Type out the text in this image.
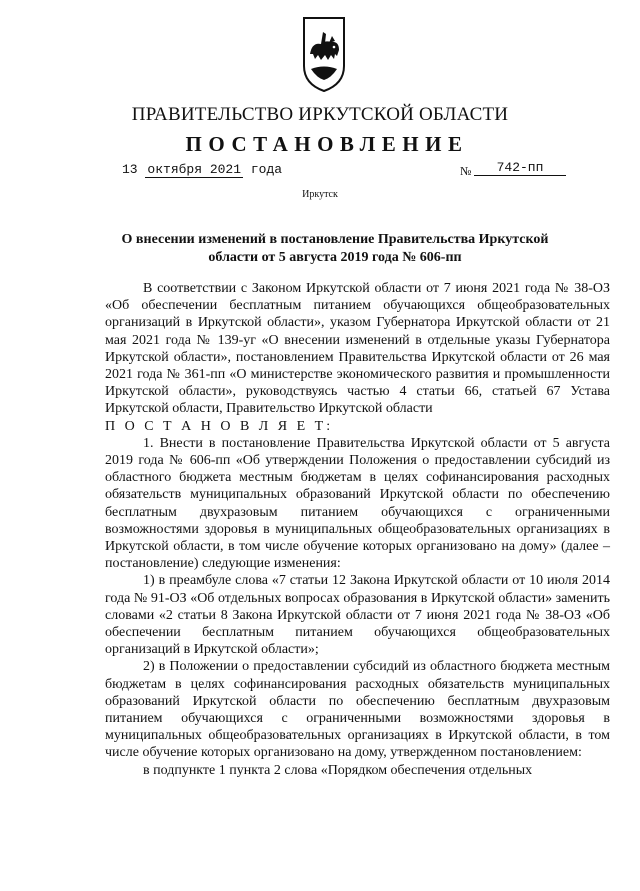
ПРАВИТЕЛЬСТВО ИРКУТСКОЙ ОБЛАСТИ
ПОСТАНОВЛЕНИЕ
13 октября 2021 года	№	742-пп
Иркутск
О внесении изменений в постановление Правительства Иркутской
области от 5 августа 2019 года № 606-пп

В соответствии с Законом Иркутской области от 7 июня 2021 года № 38-ОЗ «Об обеспечении бесплатным питанием обучающихся общеобразовательных организаций в Иркутской области», указом Губернатора Иркутской области от 21 мая 2021 года № 139-уг «О внесении изменений в отдельные указы Губернатора Иркутской области», постановлением Правительства Иркутской области от 26 мая 2021 года № 361-пп «О министерстве экономического развития и промышленности Иркутской области», руководствуясь частью 4 статьи 66, статьей 67 Устава Иркутской области, Правительство Иркутской области

П О С Т А Н О В Л Я Е Т:

1. Внести в постановление Правительства Иркутской области от 5 августа 2019 года № 606-пп «Об утверждении Положения о предоставлении субсидий из областного бюджета местным бюджетам в целях софинансирования расходных обязательств муниципальных образований Иркутской области по обеспечению бесплатным двухразовым питанием обучающихся с ограниченными возможностями здоровья в муниципальных общеобразовательных организациях в Иркутской области, в том числе обучение которых организовано на дому» (далее – постановление) следующие изменения:

1) в преамбуле слова «7 статьи 12 Закона Иркутской области от 10 июля 2014 года № 91-ОЗ «Об отдельных вопросах образования в Иркутской области» заменить словами «2 статьи 8 Закона Иркутской области от 7 июня 2021 года № 38-ОЗ «Об обеспечении бесплатным питанием обучающихся общеобразовательных организаций в Иркутской области»;

2) в Положении о предоставлении субсидий из областного бюджета местным бюджетам в целях софинансирования расходных обязательств муниципальных образований Иркутской области по обеспечению бесплатным двухразовым питанием обучающихся с ограниченными возможностями здоровья в муниципальных общеобразовательных организациях в Иркутской области, в том числе обучение которых организовано на дому, утвержденном постановлением:

в подпункте 1 пункта 2 слова «Порядком обеспечения отдельных
